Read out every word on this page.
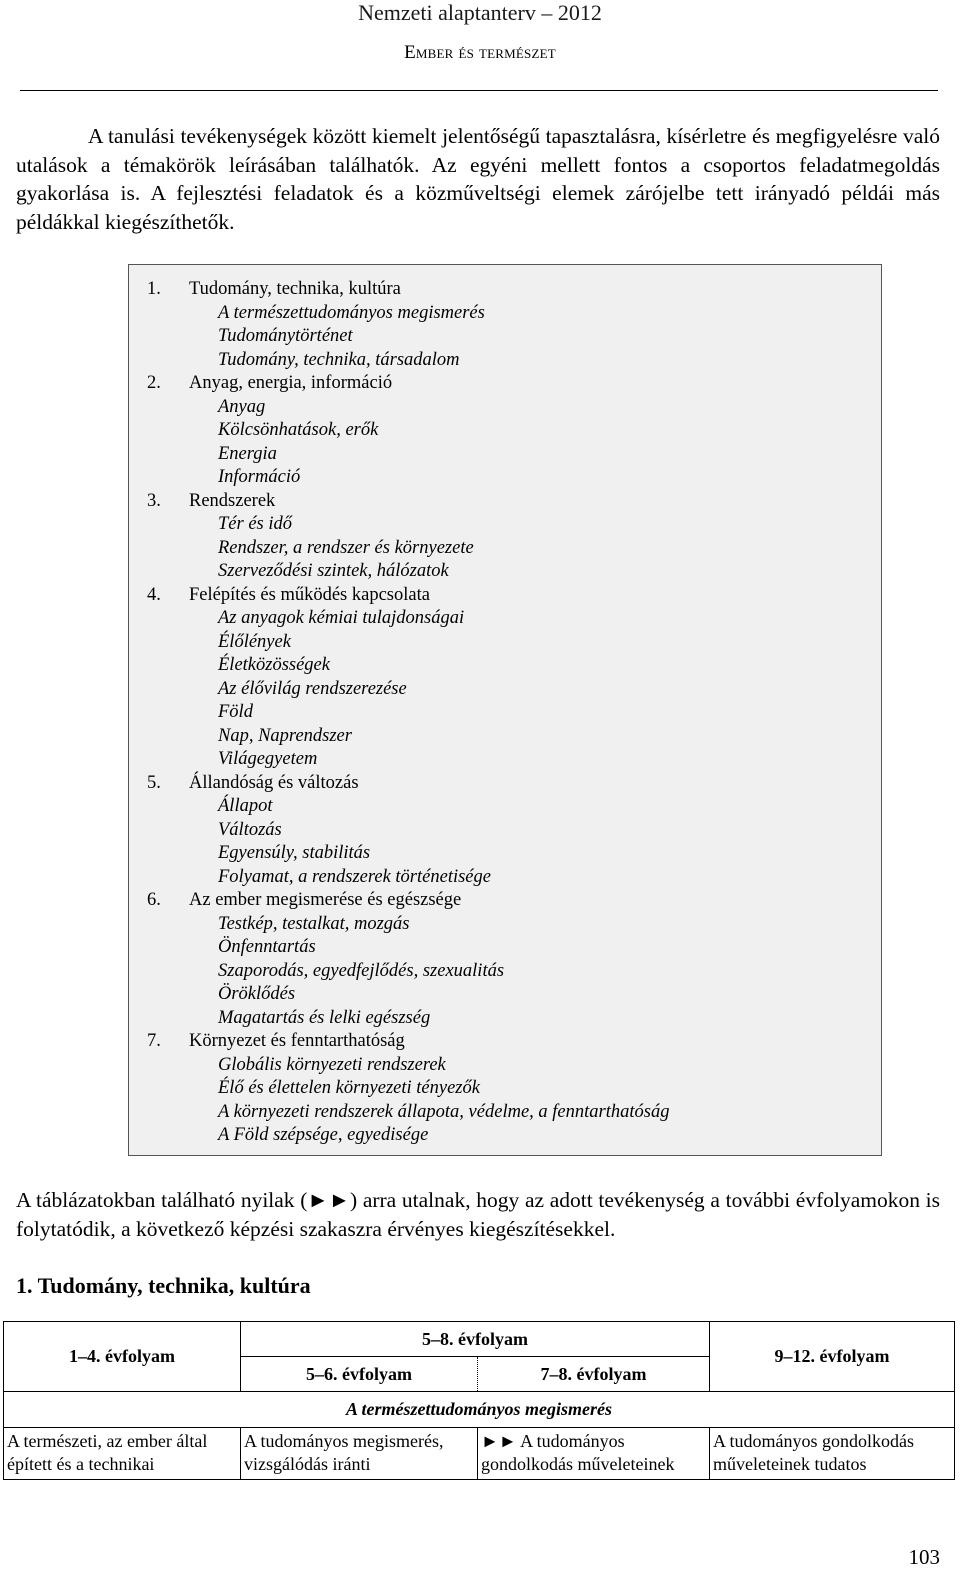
Nemzeti alaptanterv – 2012
Ember és természet

A tanulási tevékenységek között kiemelt jelentőségű tapasztalásra, kísérletre és megfigyelésre való utalások a témakörök leírásában találhatók. Az egyéni mellett fontos a csoportos feladatmegoldás gyakorlása is. A fejlesztési feladatok és a közműveltségi elemek zárójelbe tett irányadó példái más példákkal kiegészíthetők.

1. Tudomány, technika, kultúra
A természettudományos megismerés
Tudománytörténet
Tudomány, technika, társadalom
2. Anyag, energia, információ
Anyag
Kölcsönhatások, erők
Energia
Információ
3. Rendszerek
Tér és idő
Rendszer, a rendszer és környezete
Szerveződési szintek, hálózatok
4. Felépítés és működés kapcsolata
Az anyagok kémiai tulajdonságai
Élőlények
Életközösségek
Az élővilág rendszerezése
Föld
Nap, Naprendszer
Világegyetem
5. Állandóság és változás
Állapot
Változás
Egyensúly, stabilitás
Folyamat, a rendszerek történetisége
6. Az ember megismerése és egészsége
Testkép, testalkat, mozgás
Önfenntartás
Szaporodás, egyedfejlődés, szexualitás
Öröklődés
Magatartás és lelki egészség
7. Környezet és fenntarthatóság
Globális környezeti rendszerek
Élő és élettelen környezeti tényezők
A környezeti rendszerek állapota, védelme, a fenntarthatóság
A Föld szépsége, egyedisége

A táblázatokban található nyilak (►►) arra utalnak, hogy az adott tevékenység a további évfolyamokon is folytatódik, a következő képzési szakaszra érvényes kiegészítésekkel.

1. Tudomány, technika, kultúra
1–4. évfolyam	5–8. évfolyam		9–12. évfolyam
	5–6. évfolyam	7–8. évfolyam	
A természettudományos megismerés			
A természeti, az ember által épített és a technikai	A tudományos megismerés, vizsgálódás iránti	►► A tudományos gondolkodás műveleteinek	A tudományos gondolkodás műveleteinek tudatos
103
